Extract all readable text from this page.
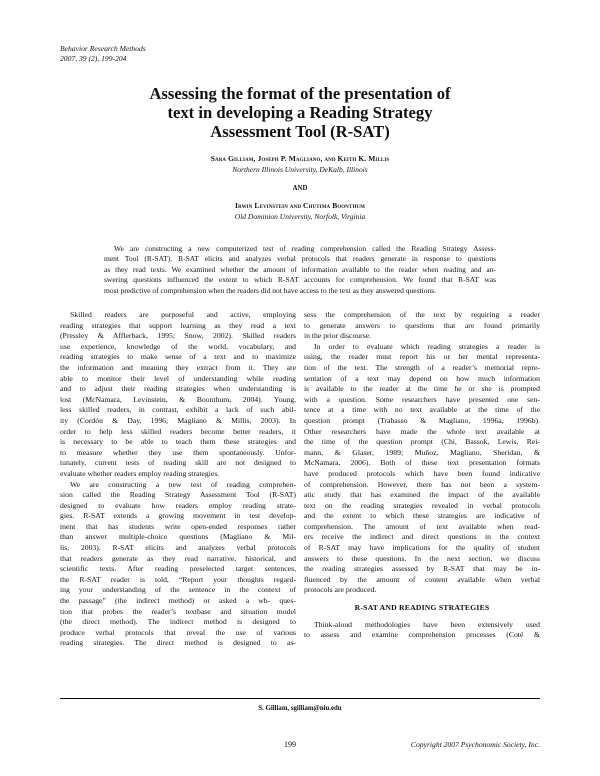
Behavior Research Methods
2007, 39 (2), 199-204
Assessing the format of the presentation of
text in developing a Reading Strategy
Assessment Tool (R-SAT)
Sara Gilliam, Joseph P. Magliano, and Keith K. Millis
Northern Illinois University, DeKalb, Illinois
AND
Irwin Levinstein and Chutima Boonthum
Old Dominion University, Norfolk, Virginia
We are constructing a new computerized test of reading comprehension called the Reading Strategy Assess-
ment Tool (R-SAT). R-SAT elicits and analyzes verbal protocols that readers generate in response to questions
as they read texts. We examined whether the amount of information available to the reader when reading and an-
swering questions influenced the extent to which R-SAT accounts for comprehension. We found that R-SAT was
most predictive of comprehension when the readers did not have access to the text as they answered questions.
Skilled readers are purposeful and active, employing
reading strategies that support learning as they read a text
(Pressley & Afflerback, 1995; Snow, 2002). Skilled readers
use experience, knowledge of the world, vocabulary, and
reading strategies to make sense of a text and to maximize
the information and meaning they extract from it. They are
able to monitor their level of understanding while reading
and to adjust their reading strategies when understanding is
lost (McNamara, Levinstein, & Boonthum, 2004). Young,
less skilled readers, in contrast, exhibit a lack of such abil-
ity (Cordón & Day, 1996; Magliano & Millis, 2003). In
order to help less skilled readers become better readers, it
is necessary to be able to teach them these strategies and
to measure whether they use them spontaneously. Unfor-
tunately, current tests of reading skill are not designed to
evaluate whether readers employ reading strategies.
We are constructing a new test of reading comprehen-
sion called the Reading Strategy Assessment Tool (R-SAT)
designed to evaluate how readers employ reading strate-
gies. R-SAT extends a growing movement in test develop-
ment that has students write open-ended responses rather
than answer multiple-choice questions (Magliano & Mil-
lis, 2003). R-SAT elicits and analyzes verbal protocols
that readers generate as they read narrative, historical, and
scientific texts. After reading preselected target sentences,
the R-SAT reader is told, “Report your thoughts regard-
ing your understanding of the sentence in the context of
the passage” (the indirect method) or asked a wh- ques-
tion that probes the reader’s textbase and situation model
(the direct method). The indirect method is designed to
produce verbal protocols that reveal the use of various
reading strategies. The direct method is designed to as-
sess the comprehension of the text by requiring a reader
to generate answers to questions that are found primarily
in the prior discourse.
In order to evaluate which reading strategies a reader is
using, the reader must report his or her mental representa-
tion of the text. The strength of a reader’s memorial repre-
sentation of a text may depend on how much information
is available to the reader at the time he or she is prompted
with a question. Some researchers have presented one sen-
tence at a time with no text available at the time of the
question prompt (Trabasso & Magliano, 1996a, 1996b).
Other researchers have made the whole text available at
the time of the question prompt (Chi, Bassok, Lewis, Rei-
mann, & Glaser, 1989; Muñoz, Magliano, Sheridan, &
McNamara, 2006). Both of these text presentation formats
have produced protocols which have been found indicative
of comprehension. However, there has not been a system-
atic study that has examined the impact of the available
text on the reading strategies revealed in verbal protocols
and the extent to which these strategies are indicative of
comprehension. The amount of text available when read-
ers receive the indirect and direct questions in the context
of R-SAT may have implications for the quality of student
answers to these questions. In the next section, we discuss
the reading strategies assessed by R-SAT that may be in-
fluenced by the amount of content available when verbal
protocols are produced.
R-SAT AND READING STRATEGIES
Think-aloud methodologies have been extensively used
to assess and examine comprehension processes (Coté &
S. Gilliam, sgilliam@niu.edu
199	Copyright 2007 Psychonomic Society, Inc.
